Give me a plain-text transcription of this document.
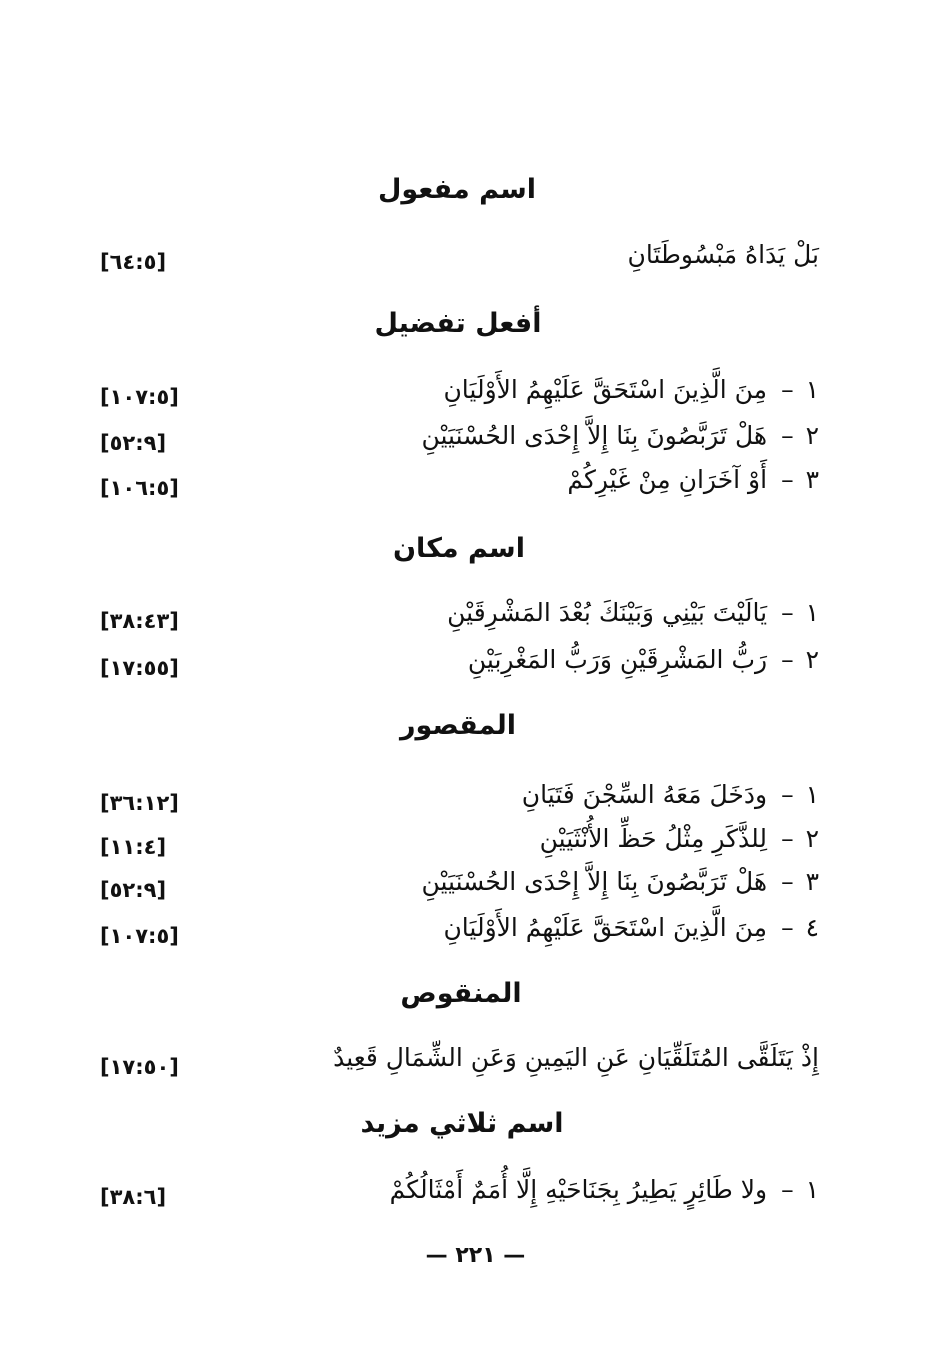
اسم مفعول
بَلْ يَدَاهُ مَبْسُوطَتَانِ
[٦٤:٥]
أفعل تفضيل
١–مِنَ الَّذِينَ اسْتَحَقَّ عَلَيْهِمُ الأَوْلَيَانِ
[١٠٧:٥]
٢–هَلْ تَرَبَّصُونَ بِنَا إِلاَّ إِحْدَى الحُسْنَيَيْنِ
[٥٢:٩]
٣–أَوْ آخَرَانِ مِنْ غَيْرِكُمْ
[١٠٦:٥]
اسم مكان
١–يَالَيْتَ بَيْنِي وَبَيْنَكَ بُعْدَ المَشْرِقَيْنِ
[٣٨:٤٣]
٢–رَبُّ المَشْرِقَيْنِ وَرَبُّ المَغْرِبَيْنِ
[١٧:٥٥]
المقصور
١–ودَخَلَ مَعَهُ السِّجْنَ فَتَيَانِ
[٣٦:١٢]
٢–لِلذَّكَرِ مِثْلُ حَظِّ الأُنْثَيَيْنِ
[١١:٤]
٣–هَلْ تَرَبَّصُونَ بِنَا إِلاَّ إِحْدَى الحُسْنَيَيْنِ
[٥٢:٩]
٤–مِنَ الَّذِينَ اسْتَحَقَّ عَلَيْهِمُ الأَوْلَيَانِ
[١٠٧:٥]
المنقوص
إِذْ يَتَلَقَّى المُتَلَقِّيَانِ عَنِ اليَمِينِ وَعَنِ الشِّمَالِ قَعِيدٌ
[١٧:٥٠]
اسم ثلاثي مزيد
١–ولا طَائِرٍ يَطِيرُ بِجَنَاحَيْهِ إِلَّا أُمَمٌ أَمْثَالُكُمْ
[٣٨:٦]
— ٢٢١ —
